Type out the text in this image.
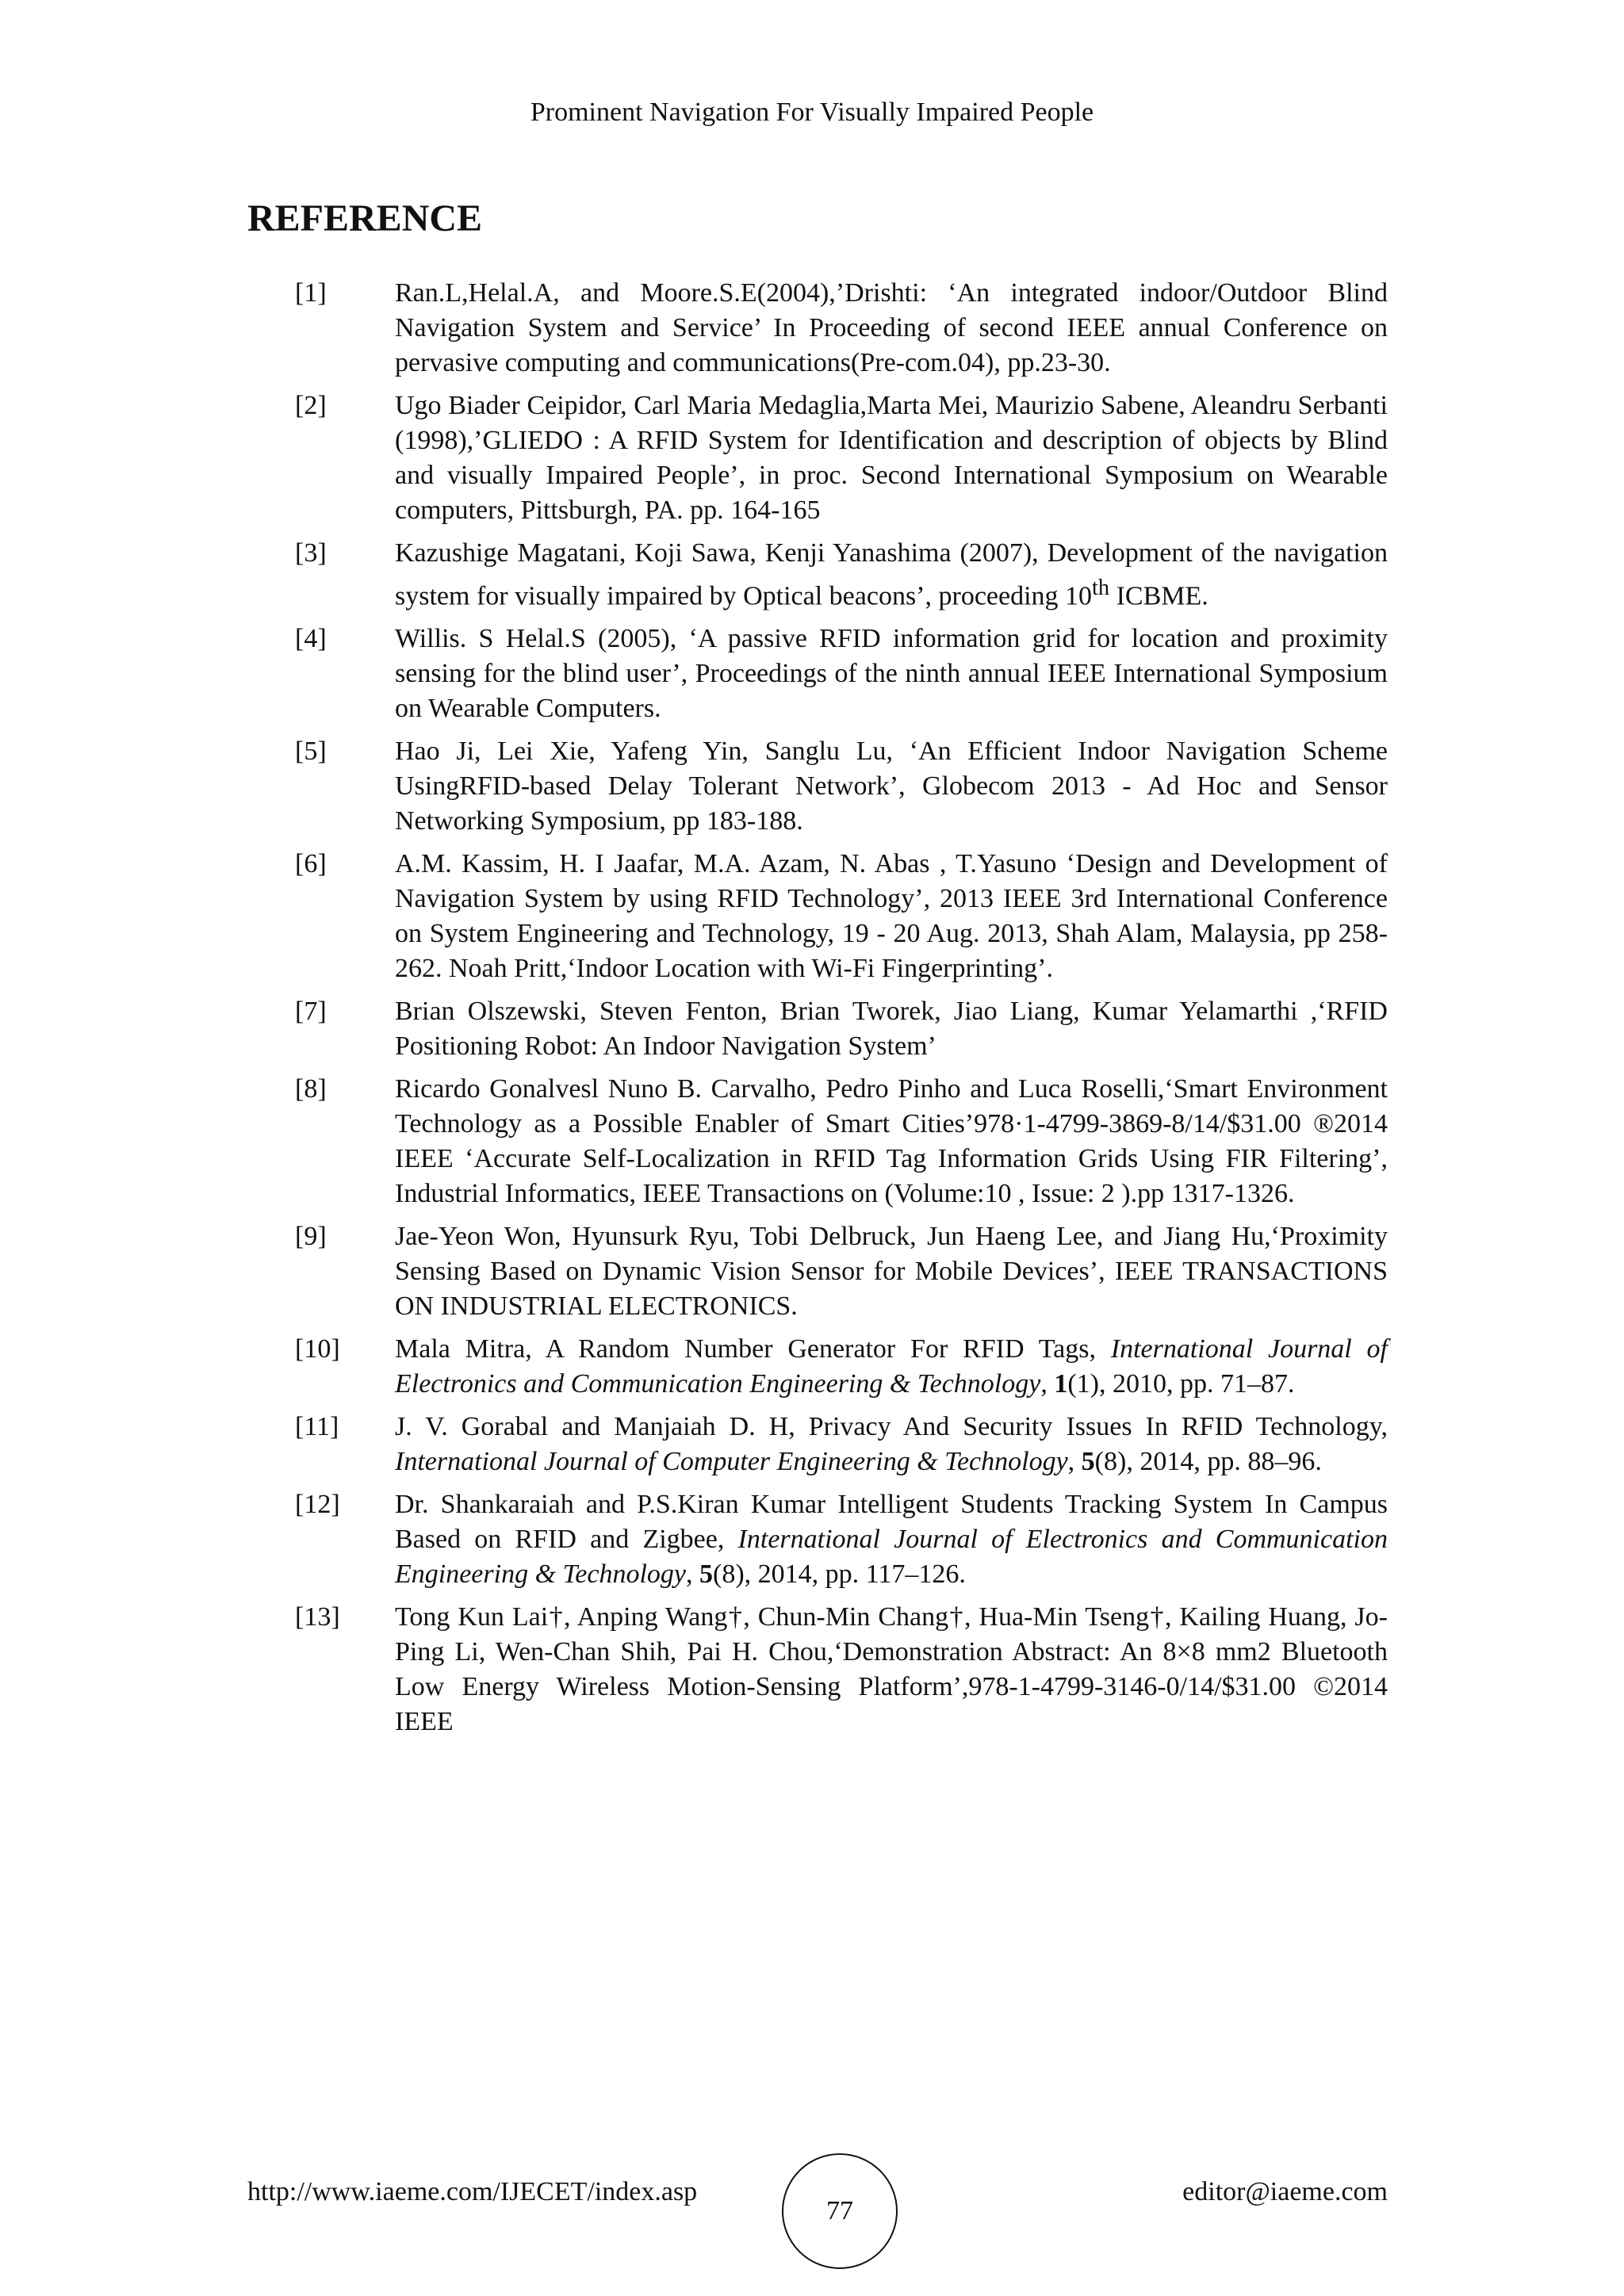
Prominent Navigation For Visually Impaired People
REFERENCE
[1]	Ran.L,Helal.A, and Moore.S.E(2004),’Drishti: ‘An integrated indoor/Outdoor Blind Navigation System and Service’ In Proceeding of second IEEE annual Conference on pervasive computing and communications(Pre-com.04), pp.23-30.
[2]	Ugo Biader Ceipidor, Carl Maria Medaglia,Marta Mei, Maurizio Sabene, Aleandru Serbanti (1998),’GLIEDO : A RFID System for Identification and description of objects by Blind and visually Impaired People’, in proc. Second International Symposium on Wearable computers, Pittsburgh, PA. pp. 164-165
[3]	Kazushige Magatani, Koji Sawa, Kenji Yanashima (2007), Development of the navigation system for visually impaired by Optical beacons’, proceeding 10th ICBME.
[4]	Willis. S Helal.S (2005), ‘A passive RFID information grid for location and proximity sensing for the blind user’, Proceedings of the ninth annual IEEE International Symposium on Wearable Computers.
[5]	Hao Ji, Lei Xie, Yafeng Yin, Sanglu Lu, ‘An Efficient Indoor Navigation Scheme UsingRFID-based Delay Tolerant Network’, Globecom 2013 - Ad Hoc and Sensor Networking Symposium, pp 183-188.
[6]	A.M. Kassim, H. I Jaafar, M.A. Azam, N. Abas , T.Yasuno ‘Design and Development of Navigation System by using RFID Technology’, 2013 IEEE 3rd International Conference on System Engineering and Technology, 19 - 20 Aug. 2013, Shah Alam, Malaysia, pp 258-262. Noah Pritt,‘Indoor Location with Wi-Fi Fingerprinting’.
[7]	Brian Olszewski, Steven Fenton, Brian Tworek, Jiao Liang, Kumar Yelamarthi ,‘RFID Positioning Robot: An Indoor Navigation System’
[8]	Ricardo Gonalvesl Nuno B. Carvalho, Pedro Pinho and Luca Roselli,‘Smart Environment Technology as a Possible Enabler of Smart Cities’978·1-4799-3869-8/14/$31.00 ®2014 IEEE ‘Accurate Self-Localization in RFID Tag Information Grids Using FIR Filtering’, Industrial Informatics, IEEE Transactions on (Volume:10 , Issue: 2 ).pp 1317-1326.
[9]	Jae-Yeon Won, Hyunsurk Ryu, Tobi Delbruck, Jun Haeng Lee, and Jiang Hu,‘Proximity Sensing Based on Dynamic Vision Sensor for Mobile Devices’, IEEE TRANSACTIONS ON INDUSTRIAL ELECTRONICS.
[10]	Mala Mitra, A Random Number Generator For RFID Tags, International Journal of Electronics and Communication Engineering & Technology, 1(1), 2010, pp. 71–87.
[11]	J. V. Gorabal and Manjaiah D. H, Privacy And Security Issues In RFID Technology, International Journal of Computer Engineering & Technology, 5(8), 2014, pp. 88–96.
[12]	Dr. Shankaraiah and P.S.Kiran Kumar Intelligent Students Tracking System In Campus Based on RFID and Zigbee, International Journal of Electronics and Communication Engineering & Technology, 5(8), 2014, pp. 117–126.
[13]	Tong Kun Lai†, Anping Wang†, Chun-Min Chang†, Hua-Min Tseng†, Kailing Huang, Jo-Ping Li, Wen-Chan Shih, Pai H. Chou,‘Demonstration Abstract: An 8×8 mm2 Bluetooth Low Energy Wireless Motion-Sensing Platform’,978-1-4799-3146-0/14/$31.00 ©2014 IEEE
http://www.iaeme.com/IJECET/index.asp
77
editor@iaeme.com
